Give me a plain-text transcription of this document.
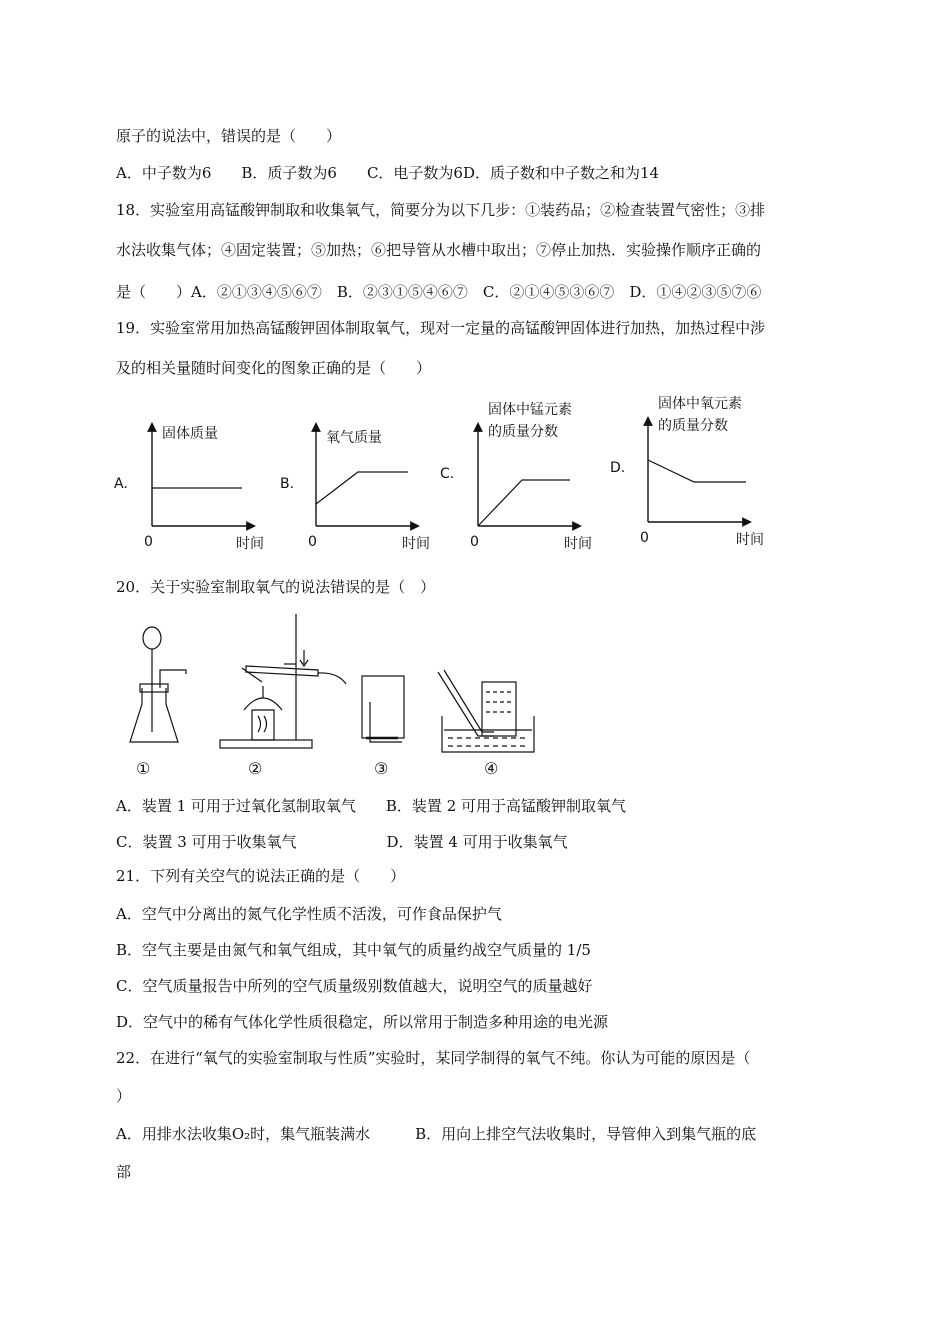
原子的说法中，错误的是（　　）
A．中子数为6　　B．质子数为6　　C．电子数为6D．质子数和中子数之和为14
18．实验室用高锰酸钾制取和收集氧气，简要分为以下几步：①装药品；②检查装置气密性；③排
水法收集气体；④固定装置；⑤加热；⑥把导管从水槽中取出；⑦停止加热．实验操作顺序正确的
是（　　）A．②①③④⑤⑥⑦　B．②③①⑤④⑥⑦　C．②①④⑤③⑥⑦　D．①④②③⑤⑦⑥
19．实验室常用加热高锰酸钾固体制取氧气，现对一定量的高锰酸钾固体进行加热，加热过程中涉
及的相关量随时间变化的图象正确的是（　　）
A.
固体质量
0	时间
B.
氧气质量
0	时间
C.
固体中锰元素
的质量分数
0	时间
D.
固体中氧元素
的质量分数
0	时间
20．关于实验室制取氧气的说法错误的是（　）
①	②	③	④
A．装置 1 可用于过氧化氢制取氧气　　B．装置 2 可用于高锰酸钾制取氧气
C．装置 3 可用于收集氧气　　　　　　D．装置 4 可用于收集氧气
21．下列有关空气的说法正确的是（　　）
A．空气中分离出的氮气化学性质不活泼，可作食品保护气
B．空气主要是由氮气和氧气组成，其中氧气的质量约战空气质量的 1/5
C．空气质量报告中所列的空气质量级别数值越大，说明空气的质量越好
D．空气中的稀有气体化学性质很稳定，所以常用于制造多种用途的电光源
22．在进行“氧气的实验室制取与性质”实验时，某同学制得的氧气不纯。你认为可能的原因是（
）
A．用排水法收集O₂时，集气瓶装满水　　　B．用向上排空气法收集时，导管伸入到集气瓶的底
部
